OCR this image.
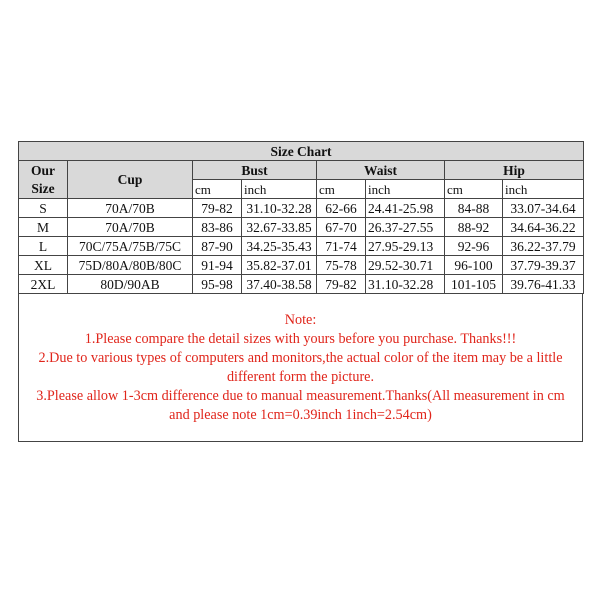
Size Chart							
Our
Size	Cup	Bust		Waist		Hip	
		cm	inch	cm	inch	cm	inch
S	70A/70B	79-82	31.10-32.28	62-66	24.41-25.98	84-88	33.07-34.64
M	70A/70B	83-86	32.67-33.85	67-70	26.37-27.55	88-92	34.64-36.22
L	70C/75A/75B/75C	87-90	34.25-35.43	71-74	27.95-29.13	92-96	36.22-37.79
XL	75D/80A/80B/80C	91-94	35.82-37.01	75-78	29.52-30.71	96-100	37.79-39.37
2XL	80D/90AB	95-98	37.40-38.58	79-82	31.10-32.28	101-105	39.76-41.33

Note:

1.Please compare the detail sizes with yours before you purchase. Thanks!!!

2.Due to various types of computers and monitors,the actual color of the item may be a little

different form the picture.

3.Please allow 1-3cm difference due to manual measurement.Thanks(All measurement in cm

and please note 1cm=0.39inch 1inch=2.54cm)
